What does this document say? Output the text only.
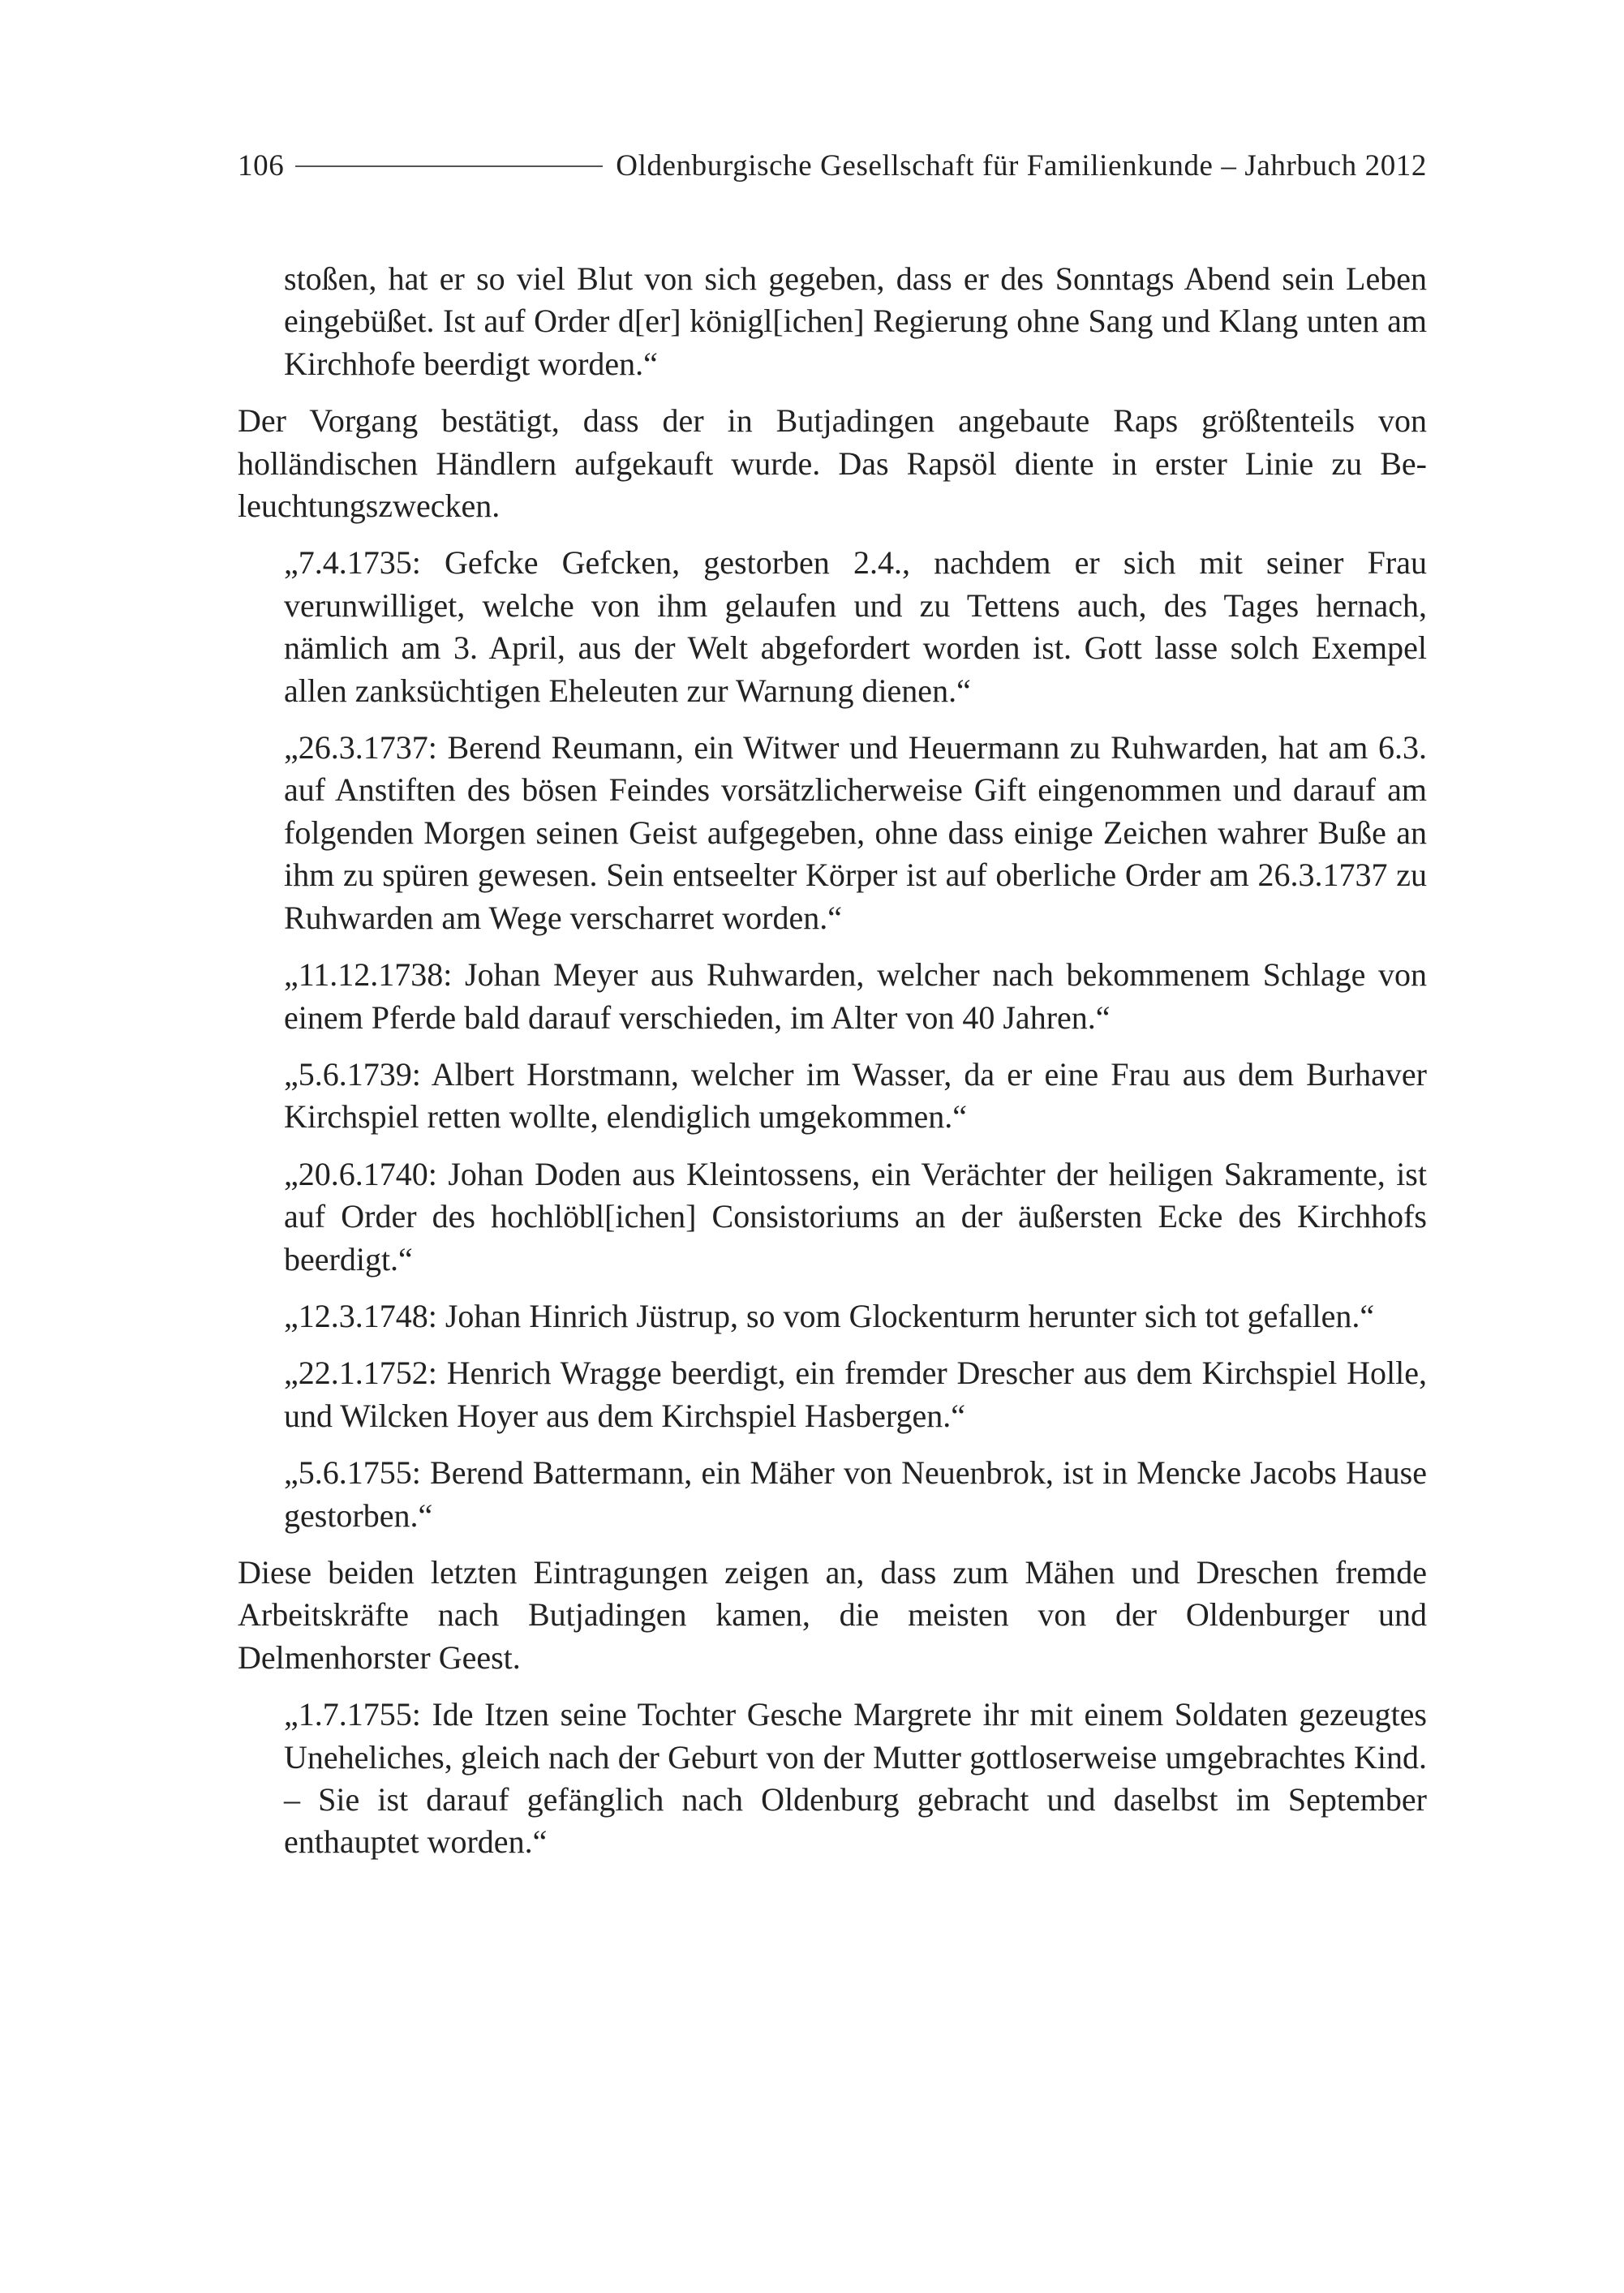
106	Oldenburgische Gesellschaft für Familienkunde – Jahrbuch 2012

stoßen, hat er so viel Blut von sich gegeben, dass er des Sonntags Abend sein Leben eingebüßet. Ist auf Order d[er] königl[ichen] Regierung ohne Sang und Klang unten am Kirchhofe beerdigt worden.“

Der Vorgang bestätigt, dass der in Butjadingen angebaute Raps größtenteils von holländischen Händlern aufgekauft wurde. Das Rapsöl diente in erster Linie zu Beleuchtungszwecken.

„7.4.1735: Gefcke Gefcken, gestorben 2.4., nachdem er sich mit seiner Frau verunwilliget, welche von ihm gelaufen und zu Tettens auch, des Tages hernach, nämlich am 3. April, aus der Welt abgefordert worden ist. Gott lasse solch Exempel allen zanksüchtigen Eheleuten zur Warnung dienen.“

„26.3.1737: Berend Reumann, ein Witwer und Heuermann zu Ruhwarden, hat am 6.3. auf Anstiften des bösen Feindes vorsätzlicherweise Gift eingenommen und darauf am folgenden Morgen seinen Geist aufgegeben, ohne dass einige Zeichen wahrer Buße an ihm zu spüren gewesen. Sein entseelter Körper ist auf oberliche Order am 26.3.1737 zu Ruhwarden am Wege verscharret worden.“

„11.12.1738: Johan Meyer aus Ruhwarden, welcher nach bekommenem Schlage von einem Pferde bald darauf verschieden, im Alter von 40 Jahren.“

„5.6.1739: Albert Horstmann, welcher im Wasser, da er eine Frau aus dem Burhaver Kirchspiel retten wollte, elendiglich umgekommen.“

„20.6.1740: Johan Doden aus Kleintossens, ein Verächter der heiligen Sakramente, ist auf Order des hochlöbl[ichen] Consistoriums an der äußersten Ecke des Kirchhofs beerdigt.“

„12.3.1748: Johan Hinrich Jüstrup, so vom Glockenturm herunter sich tot gefallen.“

„22.1.1752: Henrich Wragge beerdigt, ein fremder Drescher aus dem Kirchspiel Holle, und Wilcken Hoyer aus dem Kirchspiel Hasbergen.“

„5.6.1755: Berend Battermann, ein Mäher von Neuenbrok, ist in Mencke Jacobs Hause gestorben.“

Diese beiden letzten Eintragungen zeigen an, dass zum Mähen und Dreschen fremde Arbeitskräfte nach Butjadingen kamen, die meisten von der Oldenburger und Delmenhorster Geest.

„1.7.1755: Ide Itzen seine Tochter Gesche Margrete ihr mit einem Soldaten gezeugtes Uneheliches, gleich nach der Geburt von der Mutter gottloserweise umgebrachtes Kind. – Sie ist darauf gefänglich nach Oldenburg gebracht und daselbst im September enthauptet worden.“
